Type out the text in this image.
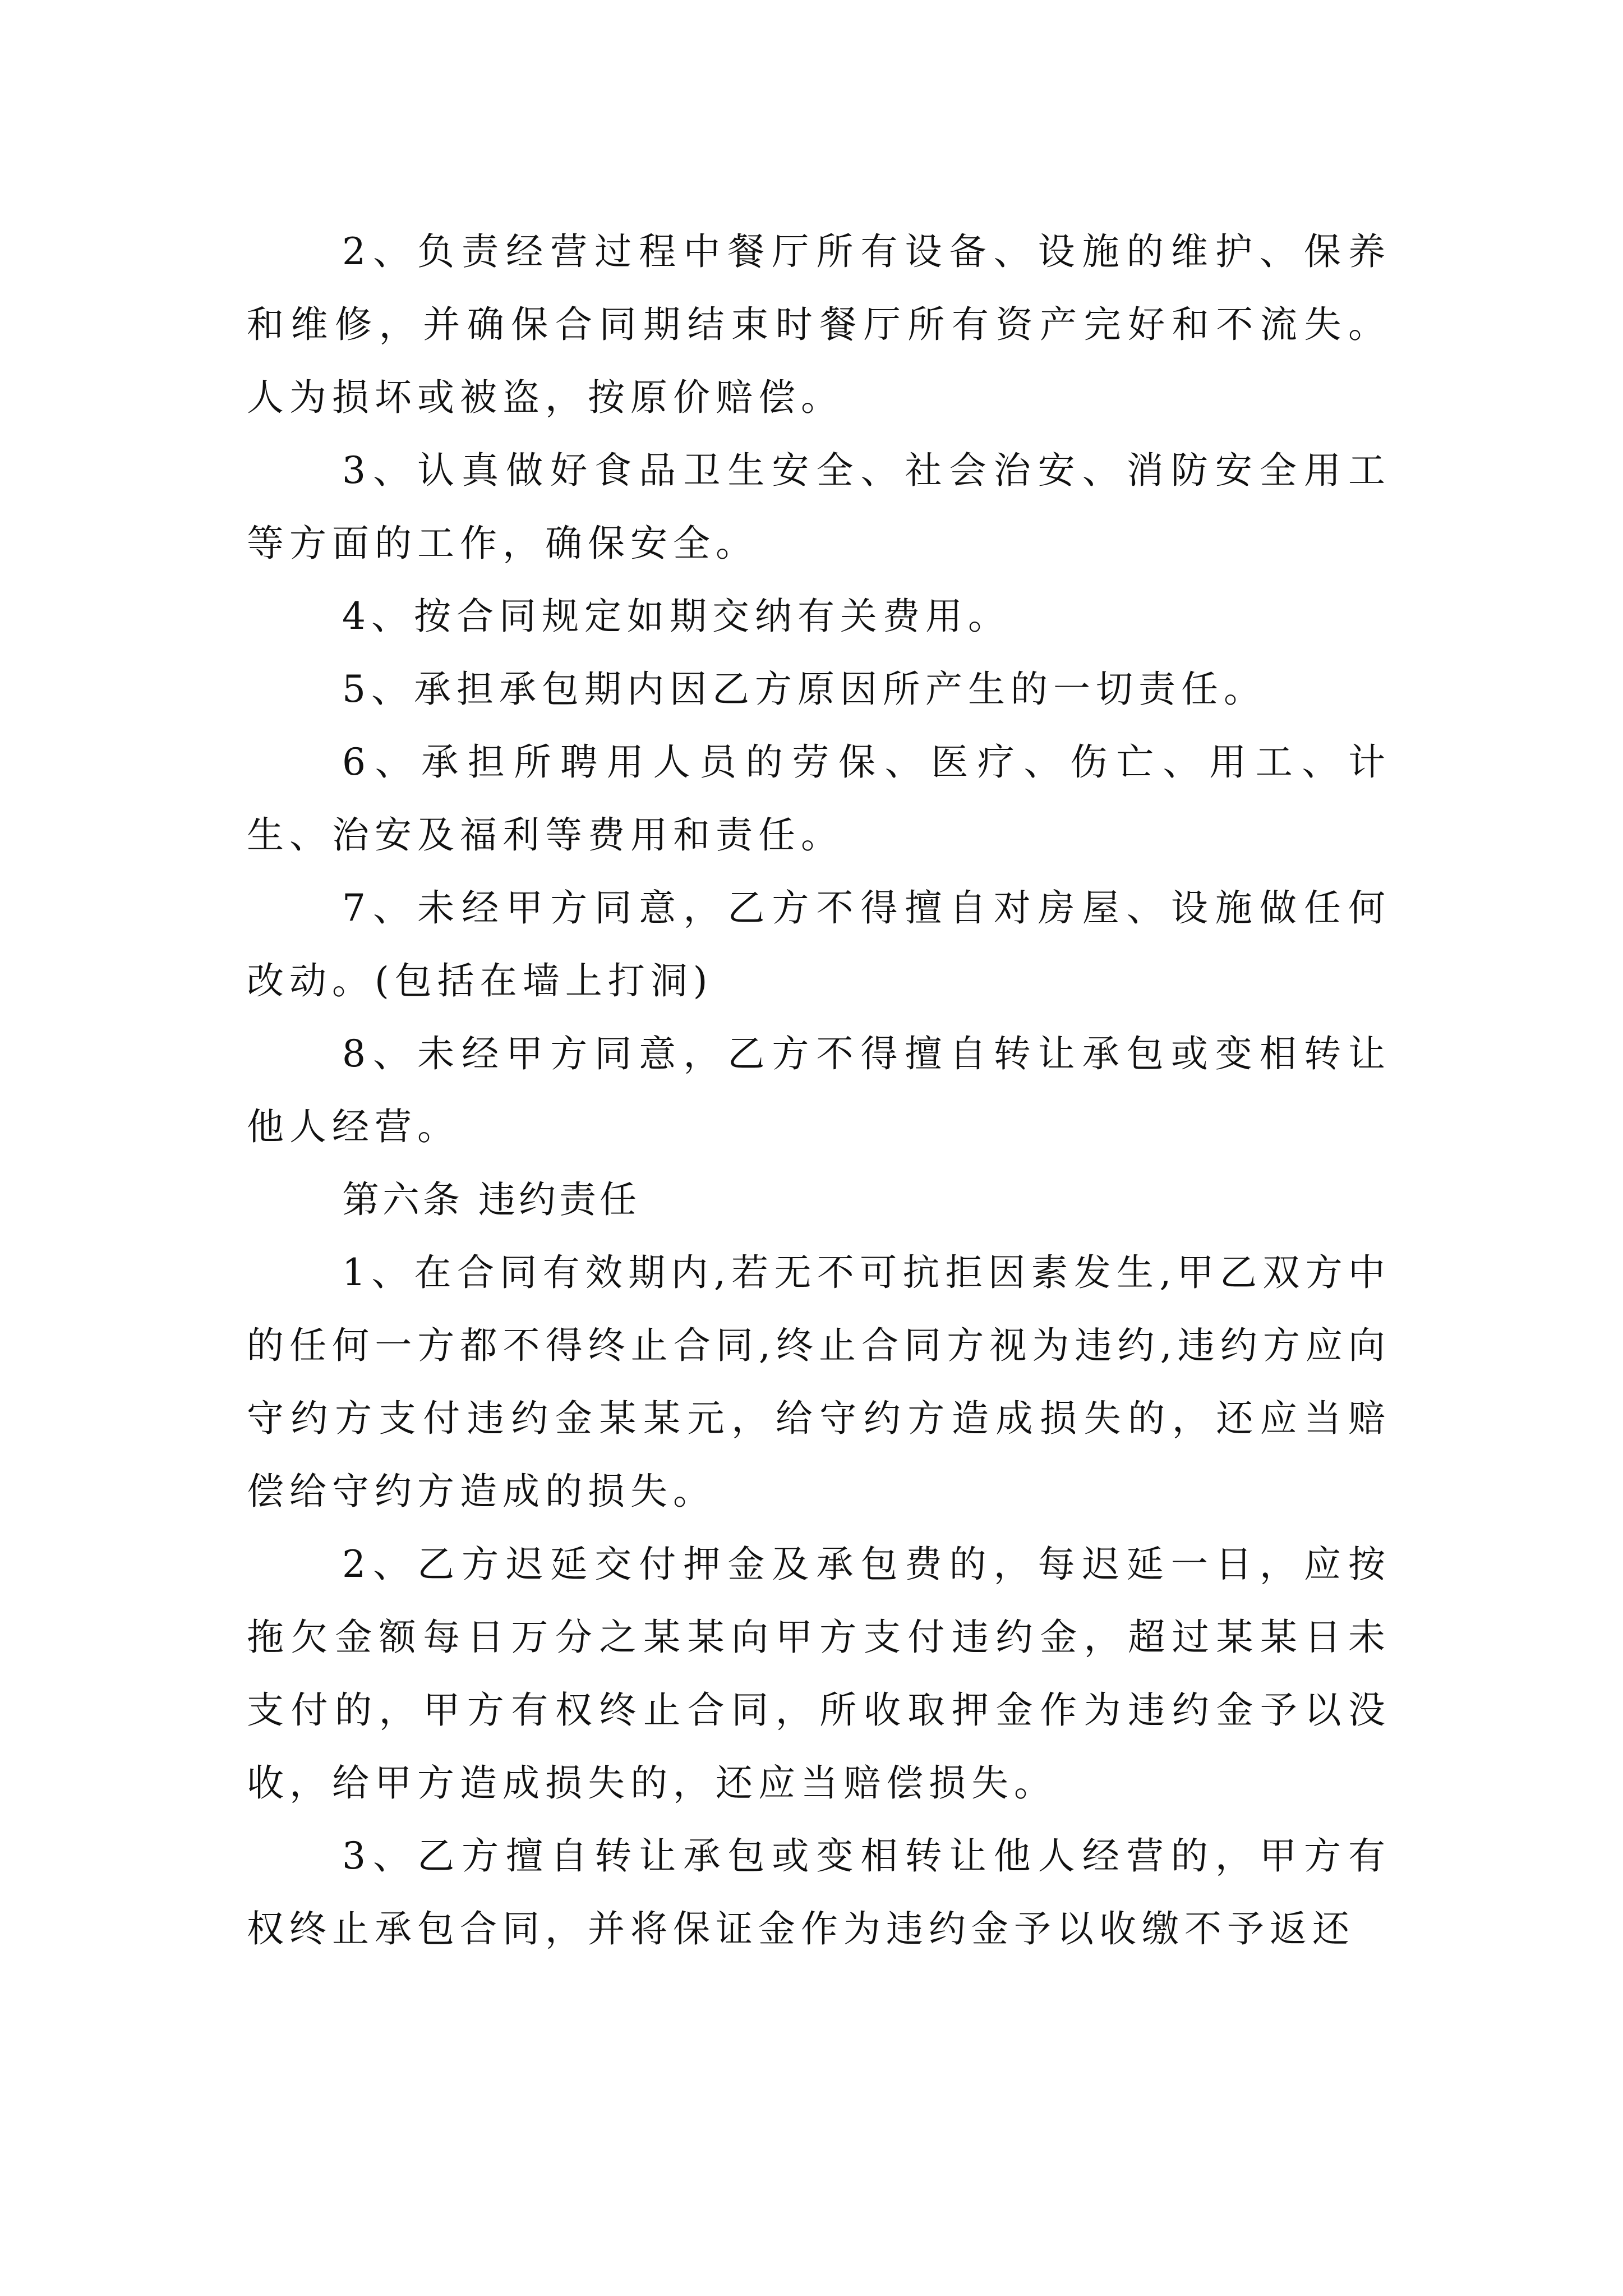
2、负责经营过程中餐厅所有设备、设施的维护、保养和维修，并确保合同期结束时餐厅所有资产完好和不流失。人为损坏或被盗，按原价赔偿。

3、认真做好食品卫生安全、社会治安、消防安全用工等方面的工作，确保安全。

4、按合同规定如期交纳有关费用。

5、承担承包期内因乙方原因所产生的一切责任。

6、承担所聘用人员的劳保、医疗、伤亡、用工、计生、治安及福利等费用和责任。

7、未经甲方同意，乙方不得擅自对房屋、设施做任何改动。(包括在墙上打洞)

8、未经甲方同意，乙方不得擅自转让承包或变相转让他人经营。

第六条 违约责任

1、在合同有效期内,若无不可抗拒因素发生,甲乙双方中的任何一方都不得终止合同,终止合同方视为违约,违约方应向守约方支付违约金某某元，给守约方造成损失的，还应当赔偿给守约方造成的损失。

2、乙方迟延交付押金及承包费的，每迟延一日，应按拖欠金额每日万分之某某向甲方支付违约金，超过某某日未支付的，甲方有权终止合同，所收取押金作为违约金予以没收，给甲方造成损失的，还应当赔偿损失。

3、乙方擅自转让承包或变相转让他人经营的，甲方有权终止承包合同，并将保证金作为违约金予以收缴不予返还
